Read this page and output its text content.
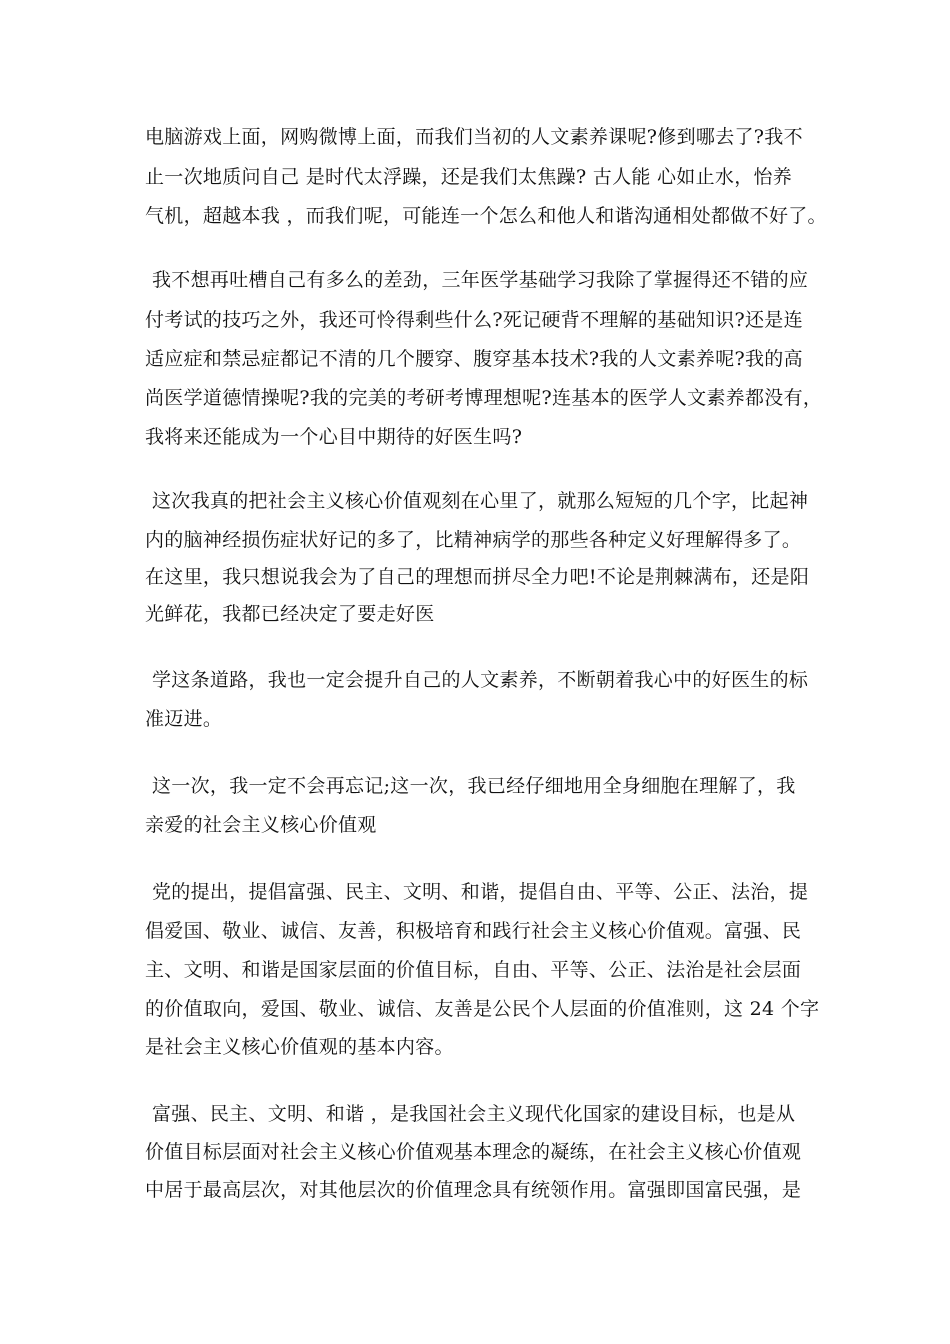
电脑游戏上面，网购微博上面，而我们当初的人文素养课呢?修到哪去了?我不
止一次地质问自己 是时代太浮躁，还是我们太焦躁? 古人能 心如止水，怡养
气机，超越本我 ，而我们呢，可能连一个怎么和他人和谐沟通相处都做不好了。
我不想再吐槽自己有多么的差劲，三年医学基础学习我除了掌握得还不错的应
付考试的技巧之外，我还可怜得剩些什么?死记硬背不理解的基础知识?还是连
适应症和禁忌症都记不清的几个腰穿、腹穿基本技术?我的人文素养呢?我的高
尚医学道德情操呢?我的完美的考研考博理想呢?连基本的医学人文素养都没有，
我将来还能成为一个心目中期待的好医生吗?
这次我真的把社会主义核心价值观刻在心里了，就那么短短的几个字，比起神
内的脑神经损伤症状好记的多了，比精神病学的那些各种定义好理解得多了。
在这里，我只想说我会为了自己的理想而拼尽全力吧!不论是荆棘满布，还是阳
光鲜花，我都已经决定了要走好医
学这条道路，我也一定会提升自己的人文素养，不断朝着我心中的好医生的标
准迈进。
这一次，我一定不会再忘记;这一次，我已经仔细地用全身细胞在理解了，我
亲爱的社会主义核心价值观
党的提出，提倡富强、民主、文明、和谐，提倡自由、平等、公正、法治，提
倡爱国、敬业、诚信、友善，积极培育和践行社会主义核心价值观。富强、民
主、文明、和谐是国家层面的价值目标，自由、平等、公正、法治是社会层面
的价值取向，爱国、敬业、诚信、友善是公民个人层面的价值准则，这 24 个字
是社会主义核心价值观的基本内容。
富强、民主、文明、和谐 ，是我国社会主义现代化国家的建设目标，也是从
价值目标层面对社会主义核心价值观基本理念的凝练，在社会主义核心价值观
中居于最高层次，对其他层次的价值理念具有统领作用。富强即国富民强，是
